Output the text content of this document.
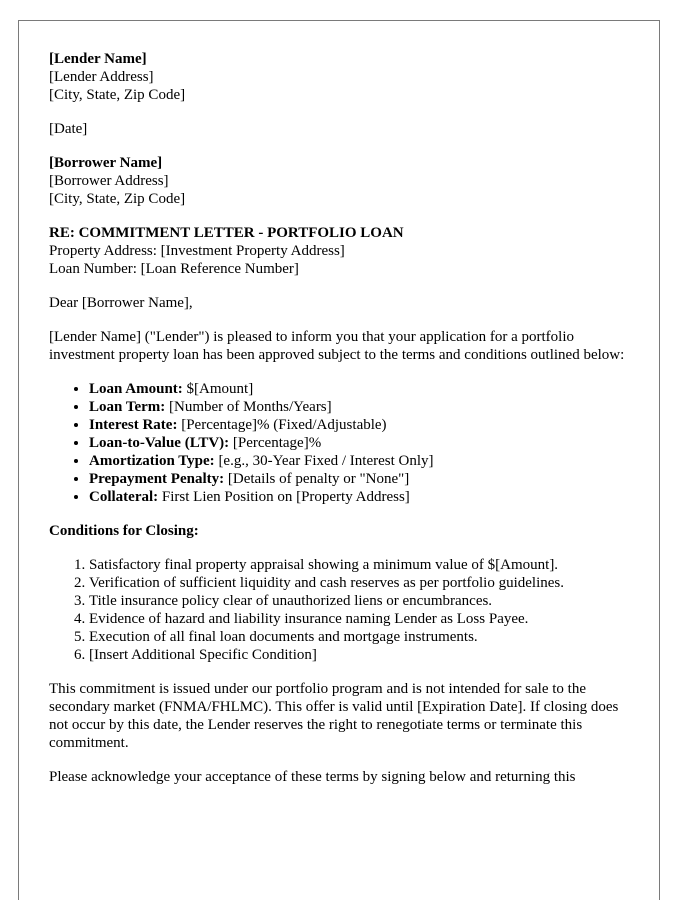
[Lender Name]

[Lender Address]

[City, State, Zip Code]

[Date]

[Borrower Name]

[Borrower Address]

[City, State, Zip Code]

RE: COMMITMENT LETTER - PORTFOLIO LOAN

Property Address: [Investment Property Address]

Loan Number: [Loan Reference Number]

Dear [Borrower Name],

[Lender Name] ("Lender") is pleased to inform you that your application for a portfolio investment property loan has been approved subject to the terms and conditions outlined below:

• Loan Amount: $[Amount]
• Loan Term: [Number of Months/Years]
• Interest Rate: [Percentage]% (Fixed/Adjustable)
• Loan-to-Value (LTV): [Percentage]%
• Amortization Type: [e.g., 30-Year Fixed / Interest Only]
• Prepayment Penalty: [Details of penalty or "None"]
• Collateral: First Lien Position on [Property Address]

Conditions for Closing:

1. Satisfactory final property appraisal showing a minimum value of $[Amount].
2. Verification of sufficient liquidity and cash reserves as per portfolio guidelines.
3. Title insurance policy clear of unauthorized liens or encumbrances.
4. Evidence of hazard and liability insurance naming Lender as Loss Payee.
5. Execution of all final loan documents and mortgage instruments.
6. [Insert Additional Specific Condition]

This commitment is issued under our portfolio program and is not intended for sale to the secondary market (FNMA/FHLMC). This offer is valid until [Expiration Date]. If closing does not occur by this date, the Lender reserves the right to renegotiate terms or terminate this commitment.

Please acknowledge your acceptance of these terms by signing below and returning this
